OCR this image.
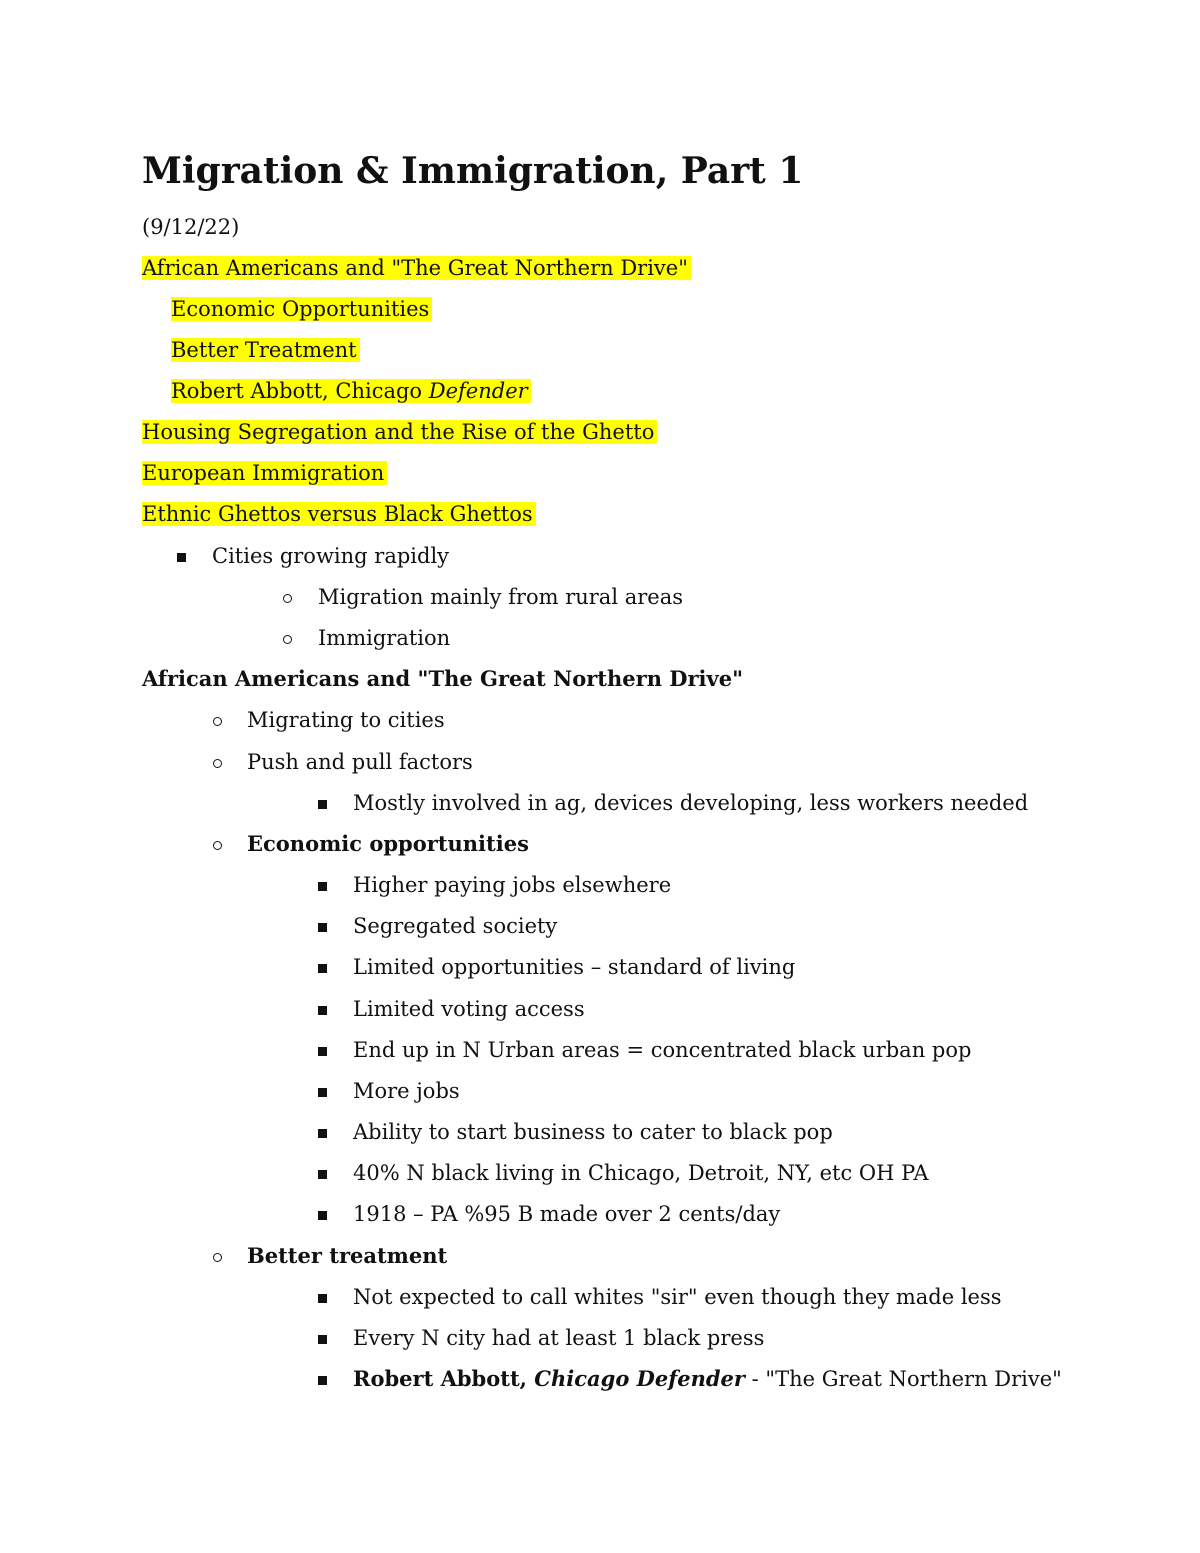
Migration & Immigration, Part 1
(9/12/22)
African Americans and "The Great Northern Drive"
Economic Opportunities
Better Treatment
Robert Abbott, Chicago Defender
Housing Segregation and the Rise of the Ghetto
European Immigration
Ethnic Ghettos versus Black Ghettos
Cities growing rapidly
Migration mainly from rural areas
Immigration
African Americans and "The Great Northern Drive"
Migrating to cities
Push and pull factors
Mostly involved in ag, devices developing, less workers needed
Economic opportunities
Higher paying jobs elsewhere
Segregated society
Limited opportunities – standard of living
Limited voting access
End up in N Urban areas = concentrated black urban pop
More jobs
Ability to start business to cater to black pop
40% N black living in Chicago, Detroit, NY, etc OH PA
1918 – PA %95 B made over 2 cents/day
Better treatment
Not expected to call whites "sir" even though they made less
Every N city had at least 1 black press
Robert Abbott, Chicago Defender - "The Great Northern Drive"
